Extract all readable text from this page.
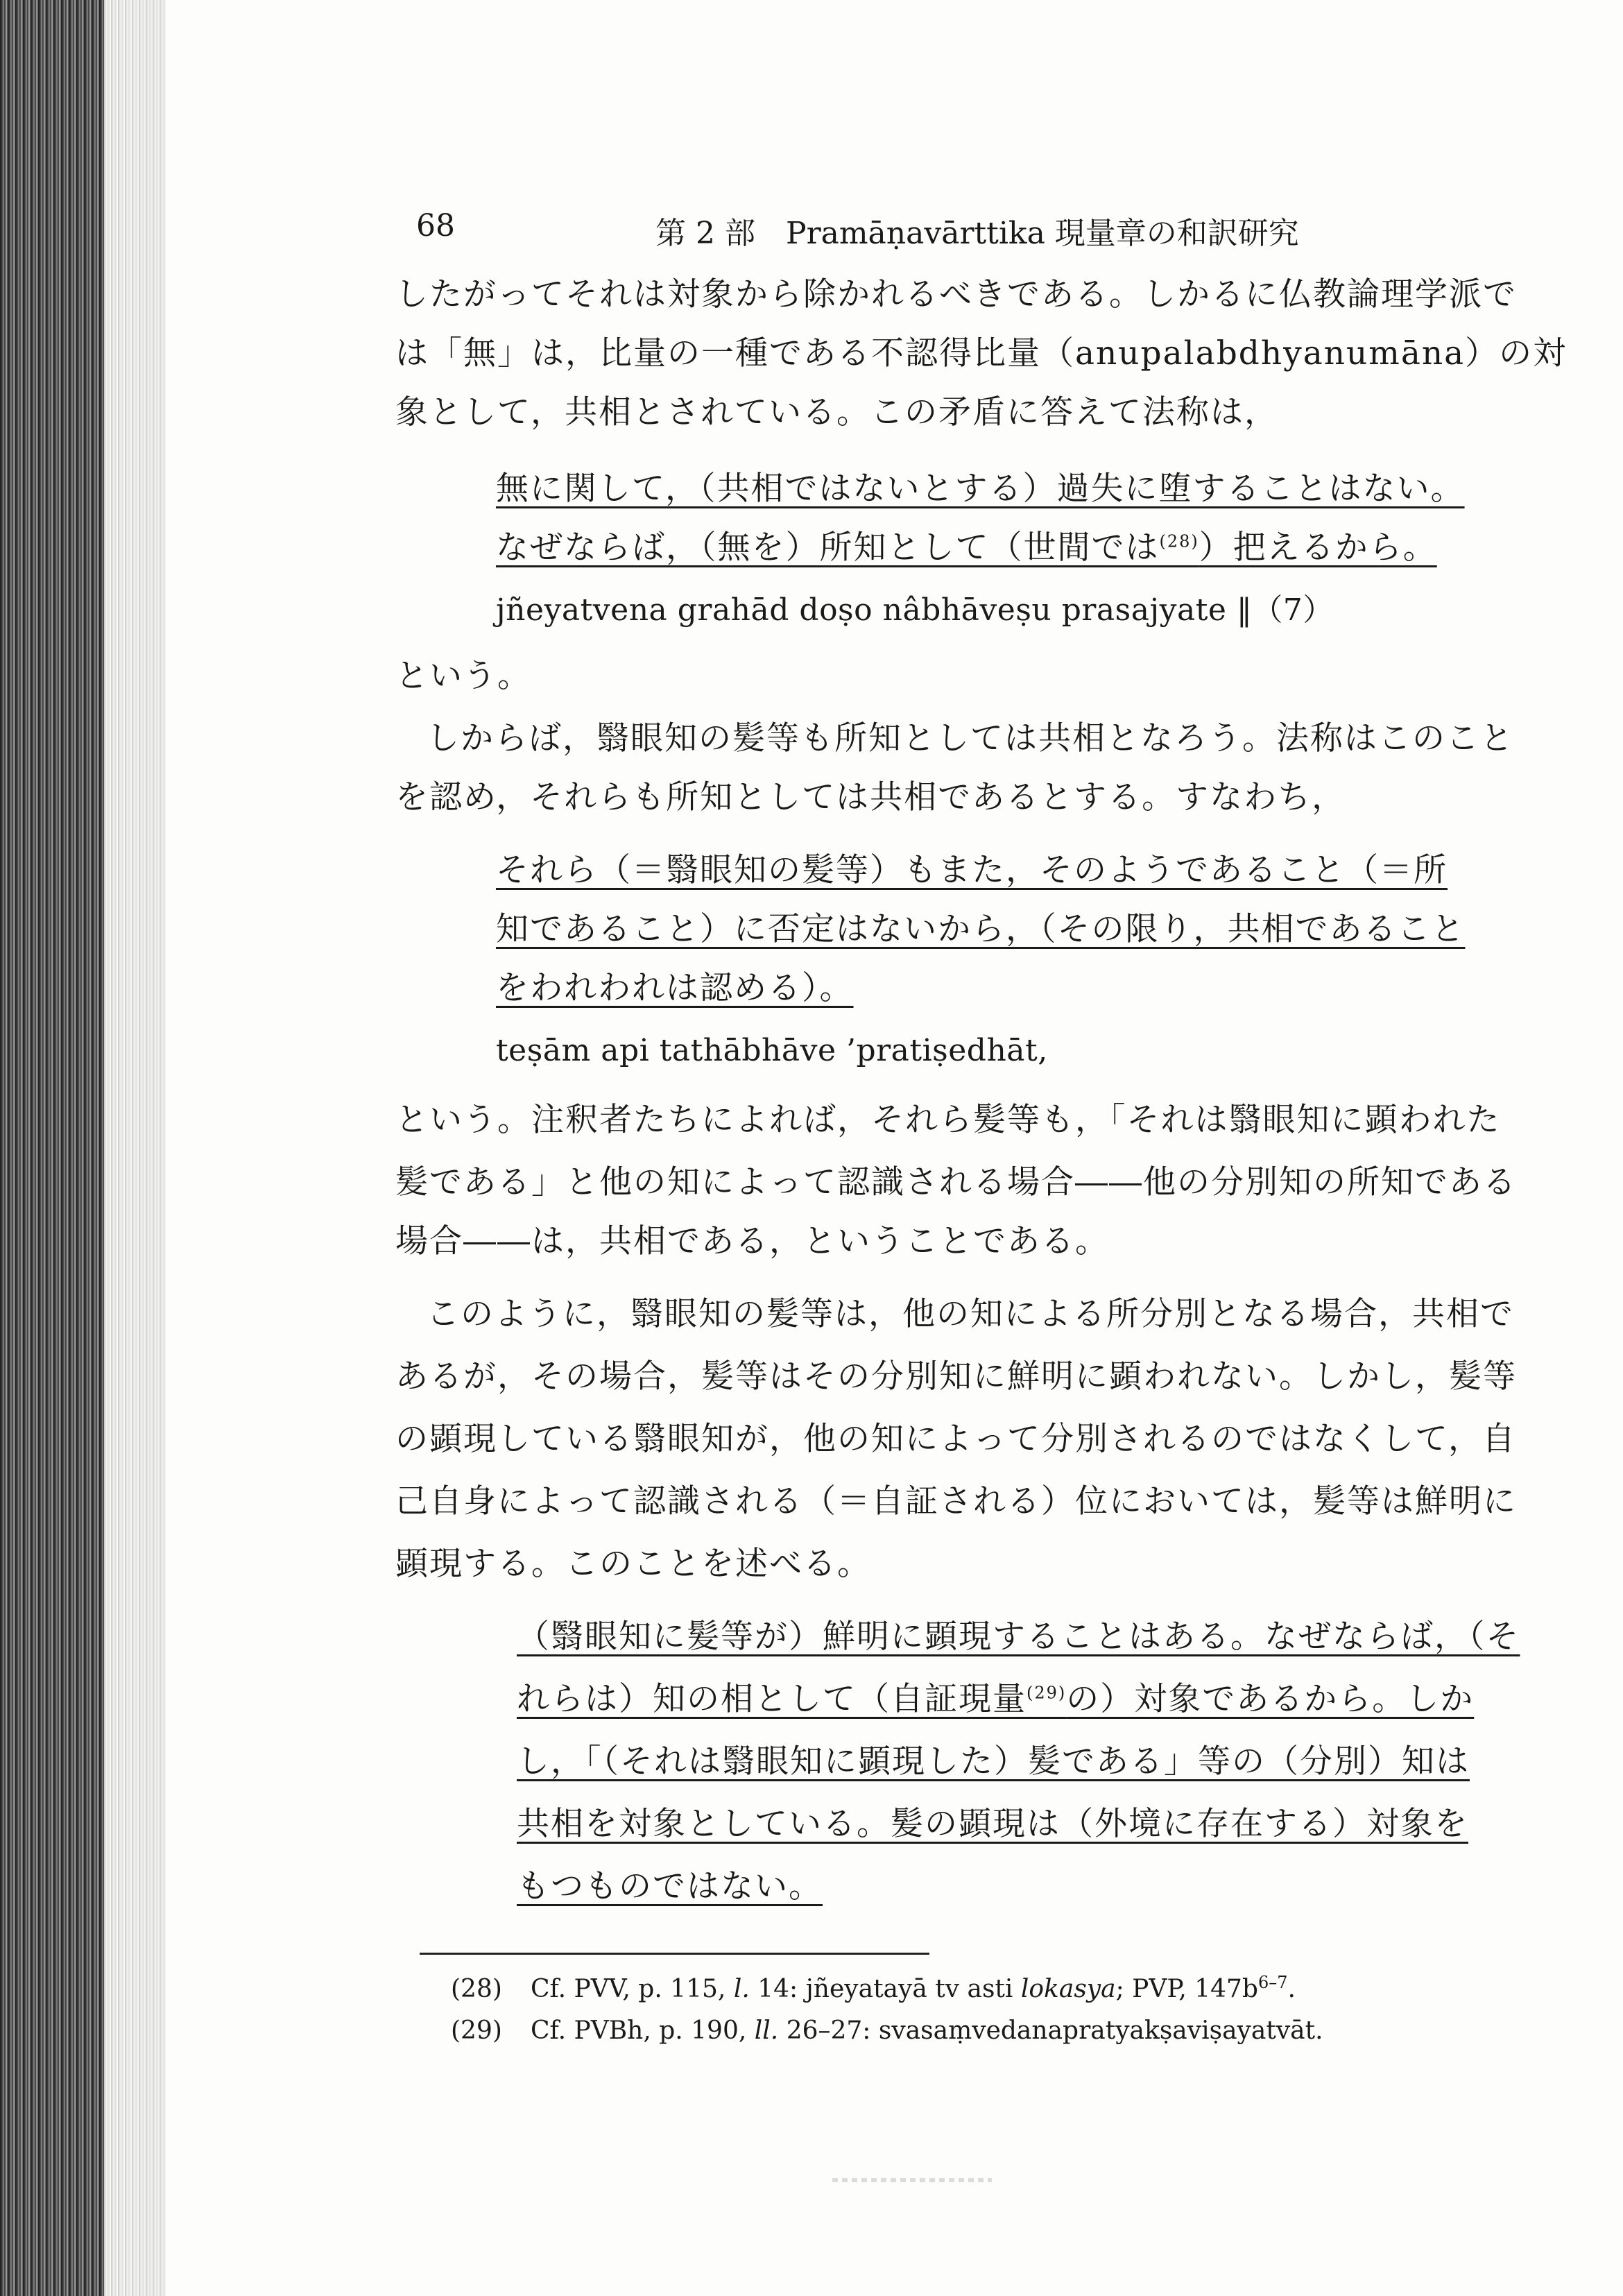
68	第 2 部　Pramāṇavārttika 現量章の和訳研究
したがってそれは対象から除かれるべきである。しかるに仏教論理学派で
は「無」は，比量の一種である不認得比量（anupalabdhyanumāna）の対
象として，共相とされている。この矛盾に答えて法称は，
無に関して，（共相ではないとする）過失に堕することはない。
なぜならば，（無を）所知として（世間では$^{(28)}$）把えるから。
jñeyatvena grahād doṣo nâbhāveṣu prasajyate ‖（7）
という。
しからば，翳眼知の髪等も所知としては共相となろう。法称はこのこと
を認め，それらも所知としては共相であるとする。すなわち，
それら（＝翳眼知の髪等）もまた，そのようであること（＝所
知であること）に否定はないから，（その限り，共相であること
をわれわれは認める）。
teṣām api tathābhāve ’pratiṣedhāt,
という。注釈者たちによれば，それら髪等も，「それは翳眼知に顕われた
髪である」と他の知によって認識される場合――他の分別知の所知である
場合――は，共相である，ということである。
このように，翳眼知の髪等は，他の知による所分別となる場合，共相で
あるが，その場合，髪等はその分別知に鮮明に顕われない。しかし，髪等
の顕現している翳眼知が，他の知によって分別されるのではなくして，自
己自身によって認識される（＝自証される）位においては，髪等は鮮明に
顕現する。このことを述べる。
（翳眼知に髪等が）鮮明に顕現することはある。なぜならば，（そ
れらは）知の相として（自証現量$^{(29)}$の）対象であるから。しか
し，「（それは翳眼知に顕現した）髪である」等の（分別）知は
共相を対象としている。髪の顕現は（外境に存在する）対象を
もつものではない。
(28) Cf. PVV, p. 115, l. 14: jñeyatayā tv asti lokasya; PVP, $147b^{6-7}$.
(29) Cf. PVBh, p. 190, ll. 26–27: svasaṃvedanapratyakṣaviṣayatvāt.
